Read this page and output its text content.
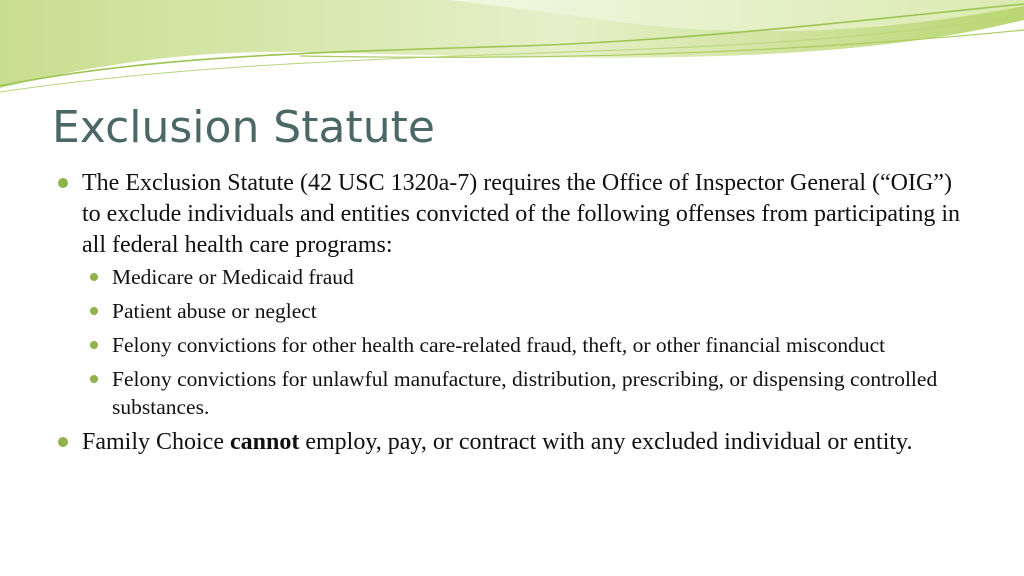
Exclusion Statute
The Exclusion Statute (42 USC 1320a-7) requires the Office of Inspector General (“OIG”) to exclude individuals and entities convicted of the following offenses from participating in all federal health care programs:
Medicare or Medicaid fraud
Patient abuse or neglect
Felony convictions for other health care-related fraud, theft, or other financial misconduct
Felony convictions for unlawful manufacture, distribution, prescribing, or dispensing controlled substances.
Family Choice cannot employ, pay, or contract with any excluded individual or entity.
